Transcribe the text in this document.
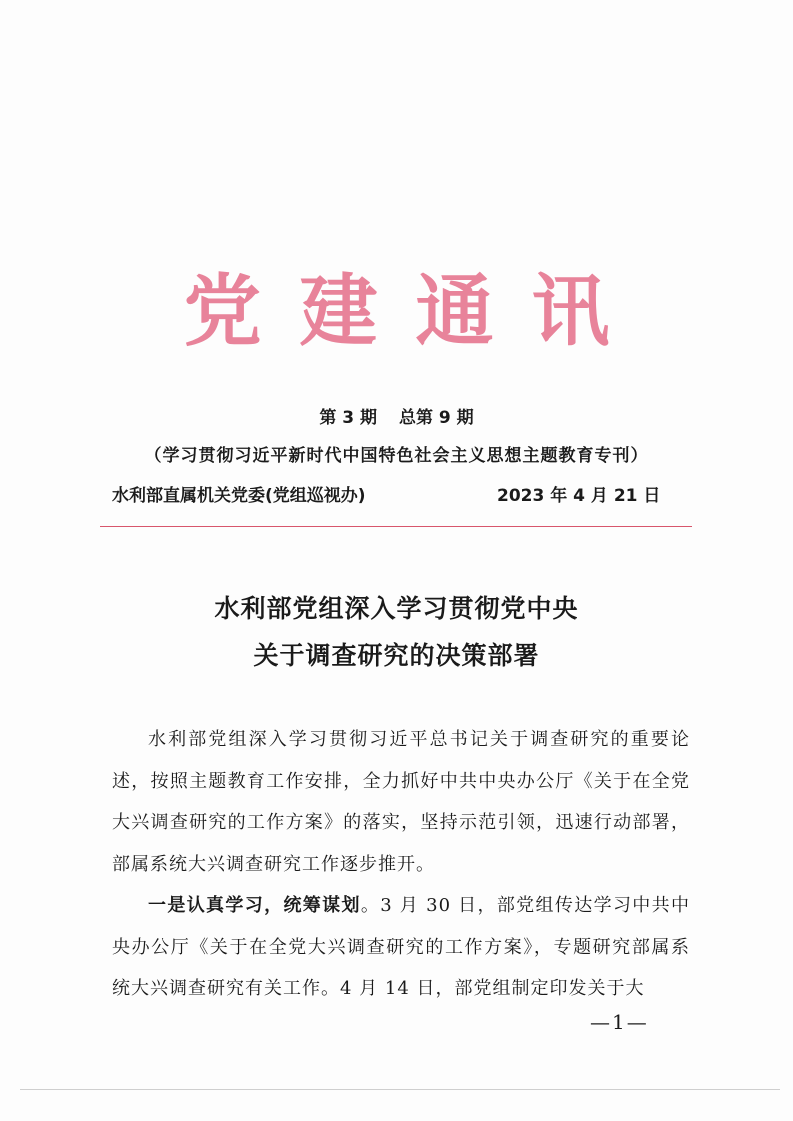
党建通讯
第 3 期 总第 9 期
（学习贯彻习近平新时代中国特色社会主义思想主题教育专刊）
水利部直属机关党委(党组巡视办)	2023 年 4 月 21 日
水利部党组深入学习贯彻党中央
关于调查研究的决策部署

水利部党组深入学习贯彻习近平总书记关于调查研究的重要论述，按照主题教育工作安排，全力抓好中共中央办公厅《关于在全党大兴调查研究的工作方案》的落实，坚持示范引领，迅速行动部署，部属系统大兴调查研究工作逐步推开。

一是认真学习，统筹谋划。3 月 30 日，部党组传达学习中共中央办公厅《关于在全党大兴调查研究的工作方案》，专题研究部属系统大兴调查研究有关工作。4 月 14 日，部党组制定印发关于大

—1—
